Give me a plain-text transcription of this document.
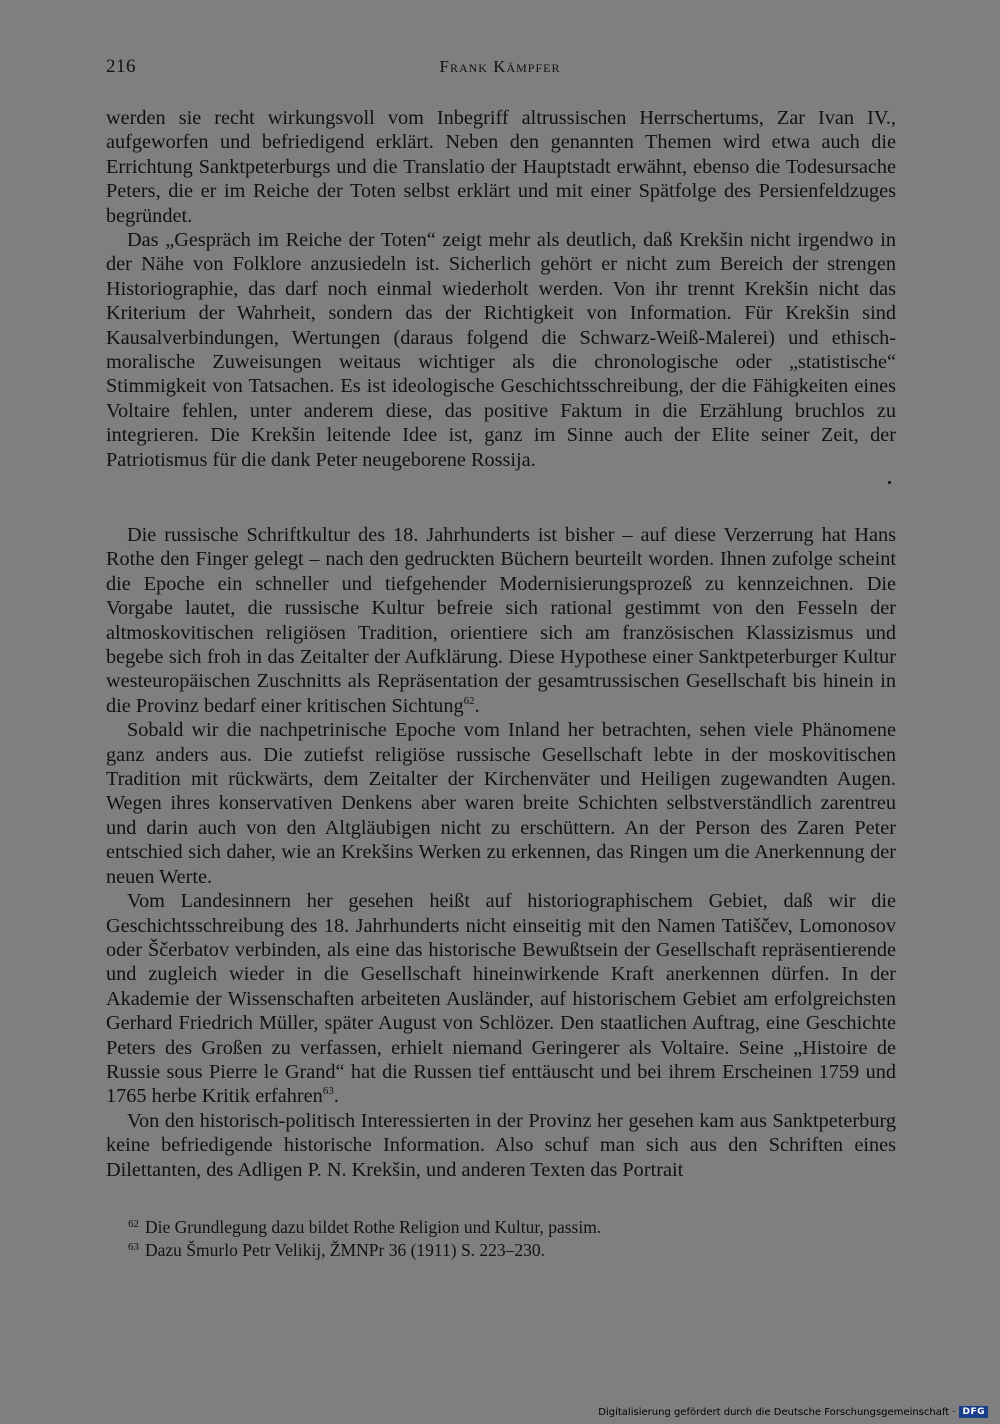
216	Frank Kämpfer

werden sie recht wirkungsvoll vom Inbegriff altrussischen Herrschertums, Zar Ivan IV., aufgeworfen und befriedigend erklärt. Neben den genannten Themen wird etwa auch die Errichtung Sanktpeterburgs und die Translatio der Hauptstadt erwähnt, ebenso die Todesursache Peters, die er im Reiche der Toten selbst erklärt und mit einer Spätfolge des Persienfeldzuges begründet.

Das „Gespräch im Reiche der Toten“ zeigt mehr als deutlich, daß Krekšin nicht irgendwo in der Nähe von Folklore anzusiedeln ist. Sicherlich gehört er nicht zum Bereich der strengen Historiographie, das darf noch einmal wiederholt werden. Von ihr trennt Krekšin nicht das Kriterium der Wahrheit, sondern das der Richtigkeit von Information. Für Krekšin sind Kausalverbindungen, Wertungen (daraus folgend die Schwarz-Weiß-Malerei) und ethisch-moralische Zuweisungen weitaus wichtiger als die chronologische oder „statistische“ Stimmigkeit von Tatsachen. Es ist ideologische Geschichtsschreibung, der die Fähigkeiten eines Voltaire fehlen, unter anderem diese, das positive Faktum in die Erzählung bruchlos zu integrieren. Die Krekšin leitende Idee ist, ganz im Sinne auch der Elite seiner Zeit, der Patriotismus für die dank Peter neugeborene Rossija.

Die russische Schriftkultur des 18. Jahrhunderts ist bisher – auf diese Verzerrung hat Hans Rothe den Finger gelegt – nach den gedruckten Büchern beurteilt worden. Ihnen zufolge scheint die Epoche ein schneller und tiefgehender Modernisierungsprozeß zu kennzeichnen. Die Vorgabe lautet, die russische Kultur befreie sich rational gestimmt von den Fesseln der altmoskovitischen religiösen Tradition, orientiere sich am französischen Klassizismus und begebe sich froh in das Zeitalter der Aufklärung. Diese Hypothese einer Sanktpeterburger Kultur westeuropäischen Zuschnitts als Repräsentation der gesamtrussischen Gesellschaft bis hinein in die Provinz bedarf einer kritischen Sichtung$^{62}$.

Sobald wir die nachpetrinische Epoche vom Inland her betrachten, sehen viele Phänomene ganz anders aus. Die zutiefst religiöse russische Gesellschaft lebte in der moskovitischen Tradition mit rückwärts, dem Zeitalter der Kirchenväter und Heiligen zugewandten Augen. Wegen ihres konservativen Denkens aber waren breite Schichten selbstverständlich zarentreu und darin auch von den Altgläubigen nicht zu erschüttern. An der Person des Zaren Peter entschied sich daher, wie an Krekšins Werken zu erkennen, das Ringen um die Anerkennung der neuen Werte.

Vom Landesinnern her gesehen heißt auf historiographischem Gebiet, daß wir die Geschichtsschreibung des 18. Jahrhunderts nicht einseitig mit den Namen Tatiščev, Lomonosov oder Ščerbatov verbinden, als eine das historische Bewußtsein der Gesellschaft repräsentierende und zugleich wieder in die Gesellschaft hineinwirkende Kraft anerkennen dürfen. In der Akademie der Wissenschaften arbeiteten Ausländer, auf historischem Gebiet am erfolgreichsten Gerhard Friedrich Müller, später August von Schlözer. Den staatlichen Auftrag, eine Geschichte Peters des Großen zu verfassen, erhielt niemand Geringerer als Voltaire. Seine „Histoire de Russie sous Pierre le Grand“ hat die Russen tief enttäuscht und bei ihrem Erscheinen 1759 und 1765 herbe Kritik erfahren$^{63}$.

Von den historisch-politisch Interessierten in der Provinz her gesehen kam aus Sanktpeterburg keine befriedigende historische Information. Also schuf man sich aus den Schriften eines Dilettanten, des Adligen P. N. Krekšin, und anderen Texten das Portrait

$^{62}$ Die Grundlegung dazu bildet Rothe Religion und Kultur, passim.
$^{63}$ Dazu Šmurlo Petr Velikij, ŽMNPr 36 (1911) S. 223–230.
Digitalisierung gefördert durch die Deutsche Forschungsgemeinschaft · DFG
